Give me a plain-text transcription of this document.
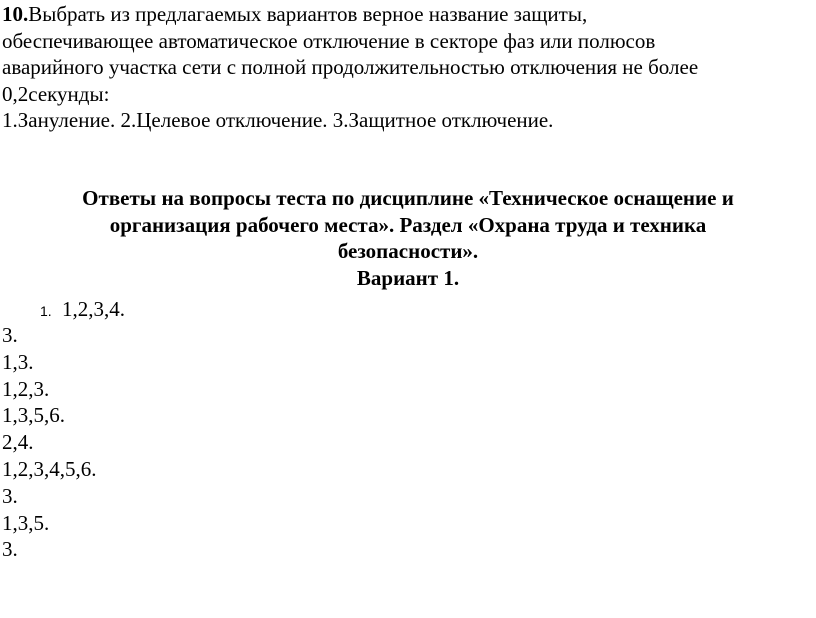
10.Выбрать из предлагаемых вариантов верное название защиты,
обеспечивающее автоматическое отключение в секторе фаз или полюсов
аварийного участка сети с полной продолжительностью отключения не более
0,2секунды:
1.Зануление. 2.Целевое отключение. 3.Защитное отключение.
Ответы на вопросы теста по дисциплине «Техническое оснащение и
организация рабочего места». Раздел «Охрана труда и техника
безопасности».
Вариант 1.
1. 1,2,3,4.
3.
1,3.
1,2,3.
1,3,5,6.
2,4.
1,2,3,4,5,6.
3.
1,3,5.
3.
